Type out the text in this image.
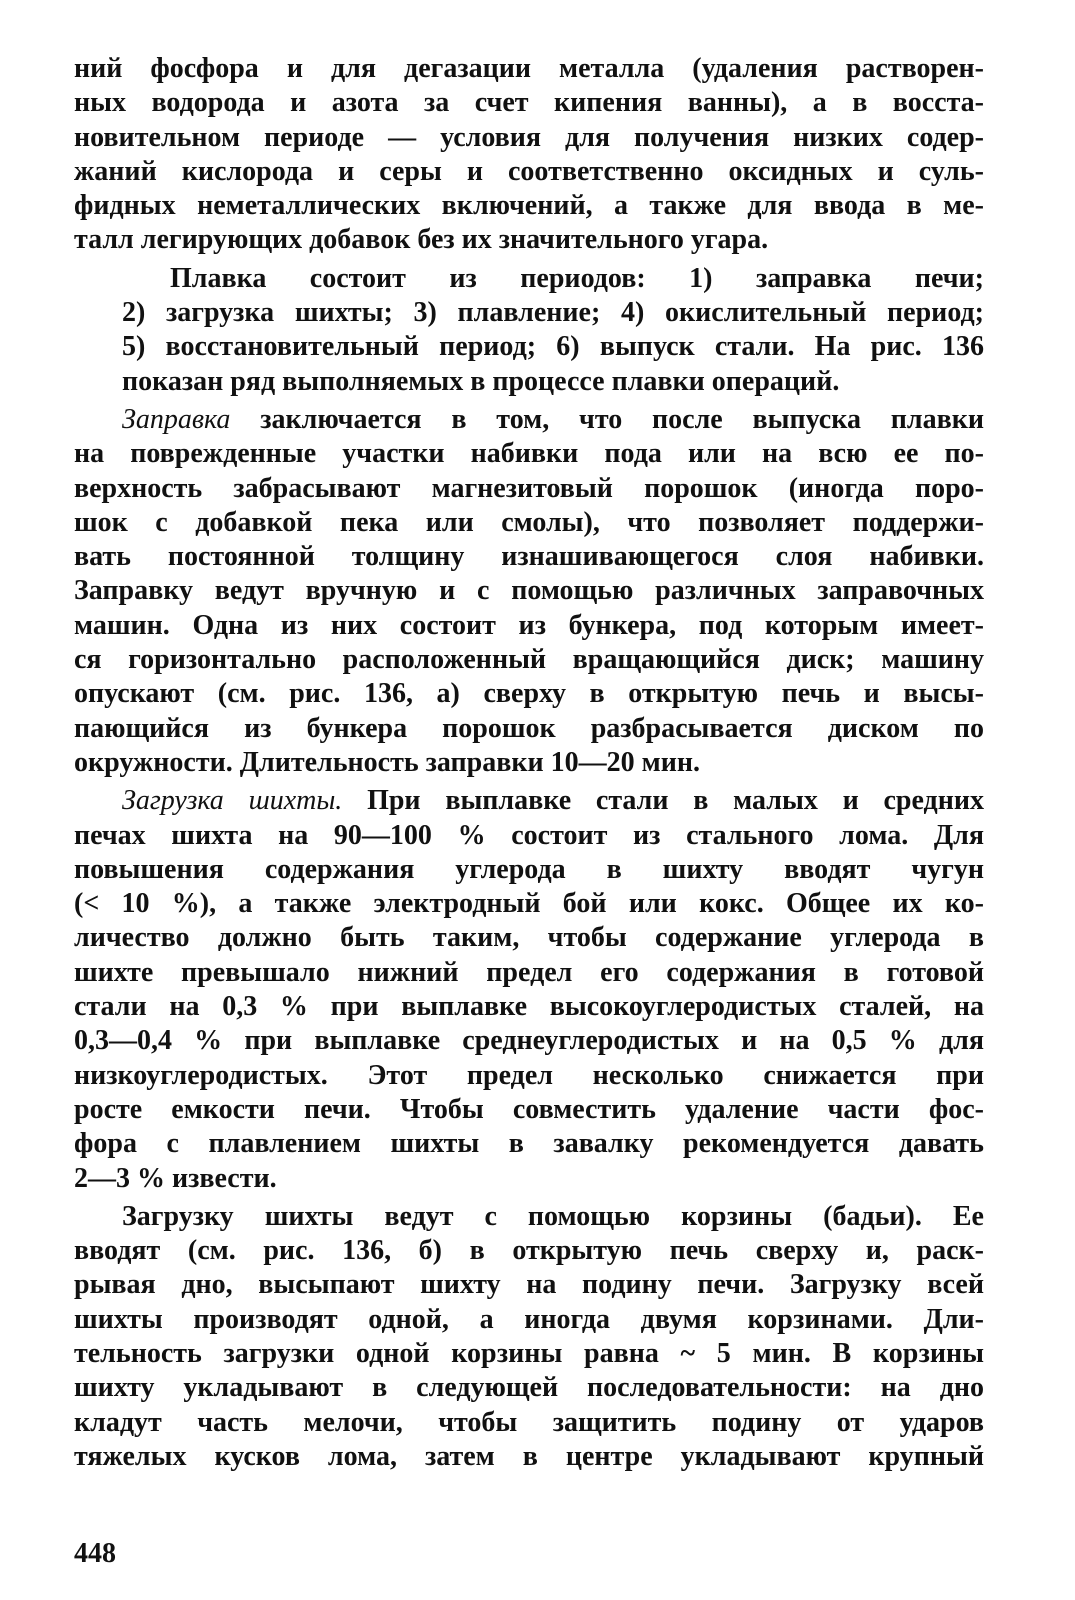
ний фосфора и для дегазации металла (удаления растворен-
ных водорода и азота за счет кипения ванны), а в восста-
новительном периоде — условия для получения низких содер-
жаний кислорода и серы и соответственно оксидных и суль-
фидных неметаллических включений, а также для ввода в ме-
талл легирующих добавок без их значительного угара.
Плавка состоит из периодов: 1) заправка печи;
2) загрузка шихты; 3) плавление; 4) окислительный период;
5) восстановительный период; 6) выпуск стали. На рис. 136
показан ряд выполняемых в процессе плавки операций.
Заправка заключается в том, что после выпуска плавки
на поврежденные участки набивки пода или на всю ее по-
верхность забрасывают магнезитовый порошок (иногда поро-
шок с добавкой пека или смолы), что позволяет поддержи-
вать постоянной толщину изнашивающегося слоя набивки.
Заправку ведут вручную и с помощью различных заправочных
машин. Одна из них состоит из бункера, под которым имеет-
ся горизонтально расположенный вращающийся диск; машину
опускают (см. рис. 136, а) сверху в открытую печь и высы-
пающийся из бункера порошок разбрасывается диском по
окружности. Длительность заправки 10—20 мин.
Загрузка шихты. При выплавке стали в малых и средних
печах шихта на 90—100 % состоит из стального лома. Для
повышения содержания углерода в шихту вводят чугун
(< 10 %), а также электродный бой или кокс. Общее их ко-
личество должно быть таким, чтобы содержание углерода в
шихте превышало нижний предел его содержания в готовой
стали на 0,3 % при выплавке высокоуглеродистых сталей, на
0,3—0,4 % при выплавке среднеуглеродистых и на 0,5 % для
низкоуглеродистых. Этот предел несколько снижается при
росте емкости печи. Чтобы совместить удаление части фос-
фора с плавлением шихты в завалку рекомендуется давать
2—3 % извести.
Загрузку шихты ведут с помощью корзины (бадьи). Ее
вводят (см. рис. 136, б) в открытую печь сверху и, раск-
рывая дно, высыпают шихту на подину печи. Загрузку всей
шихты производят одной, а иногда двумя корзинами. Дли-
тельность загрузки одной корзины равна ~ 5 мин. В корзины
шихту укладывают в следующей последовательности: на дно
кладут часть мелочи, чтобы защитить подину от ударов
тяжелых кусков лома, затем в центре укладывают крупный
448
